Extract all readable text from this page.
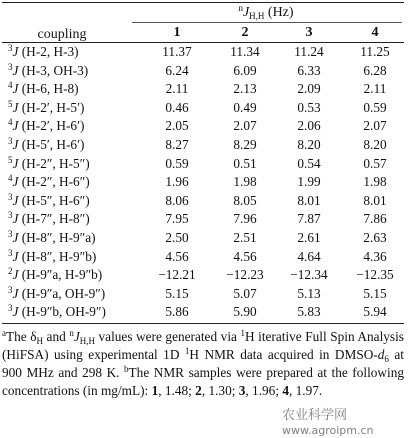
$^nJ_{H,H}$ (Hz)
coupling	1	2	3	4
$^3$J (H-2, H-3)	11.37	11.34	11.24	11.25
$^3$J (H-3, OH-3)	6.24	6.09	6.33	6.28
$^4$J (H-6, H-8)	2.11	2.13	2.09	2.11
$^5$J (H-2′, H-5′)	0.46	0.49	0.53	0.59
$^4$J (H-2′, H-6′)	2.05	2.07	2.06	2.07
$^3$J (H-5′, H-6′)	8.27	8.29	8.20	8.20
$^5$J (H-2″, H-5″)	0.59	0.51	0.54	0.57
$^4$J (H-2″, H-6″)	1.96	1.98	1.99	1.98
$^3$J (H-5″, H-6″)	8.06	8.05	8.01	8.01
$^3$J (H-7″, H-8″)	7.95	7.96	7.87	7.86
$^3$J (H-8″, H-9″a)	2.50	2.51	2.61	2.63
$^3$J (H-8″, H-9″b)	4.56	4.56	4.64	4.36
$^2$J (H-9″a, H-9″b)	−12.21	−12.23	−12.34	−12.35
$^3$J (H-9″a, OH-9″)	5.15	5.07	5.13	5.15
$^3$J (H-9″b, OH-9″)	5.86	5.90	5.83	5.94
$^a$The $\delta_H$ and $^nJ_{H,H}$ values were generated via $^1$H iterative Full Spin Analysis (HiFSA) using experimental 1D $^1$H NMR data acquired in DMSO-$d_6$ at 900 MHz and 298 K. $^b$The NMR samples were prepared at the following concentrations (in mg/mL): 1, 1.48; 2, 1.30; 3, 1.96; 4, 1.97.
农业科学网 www.agroipm.cn
